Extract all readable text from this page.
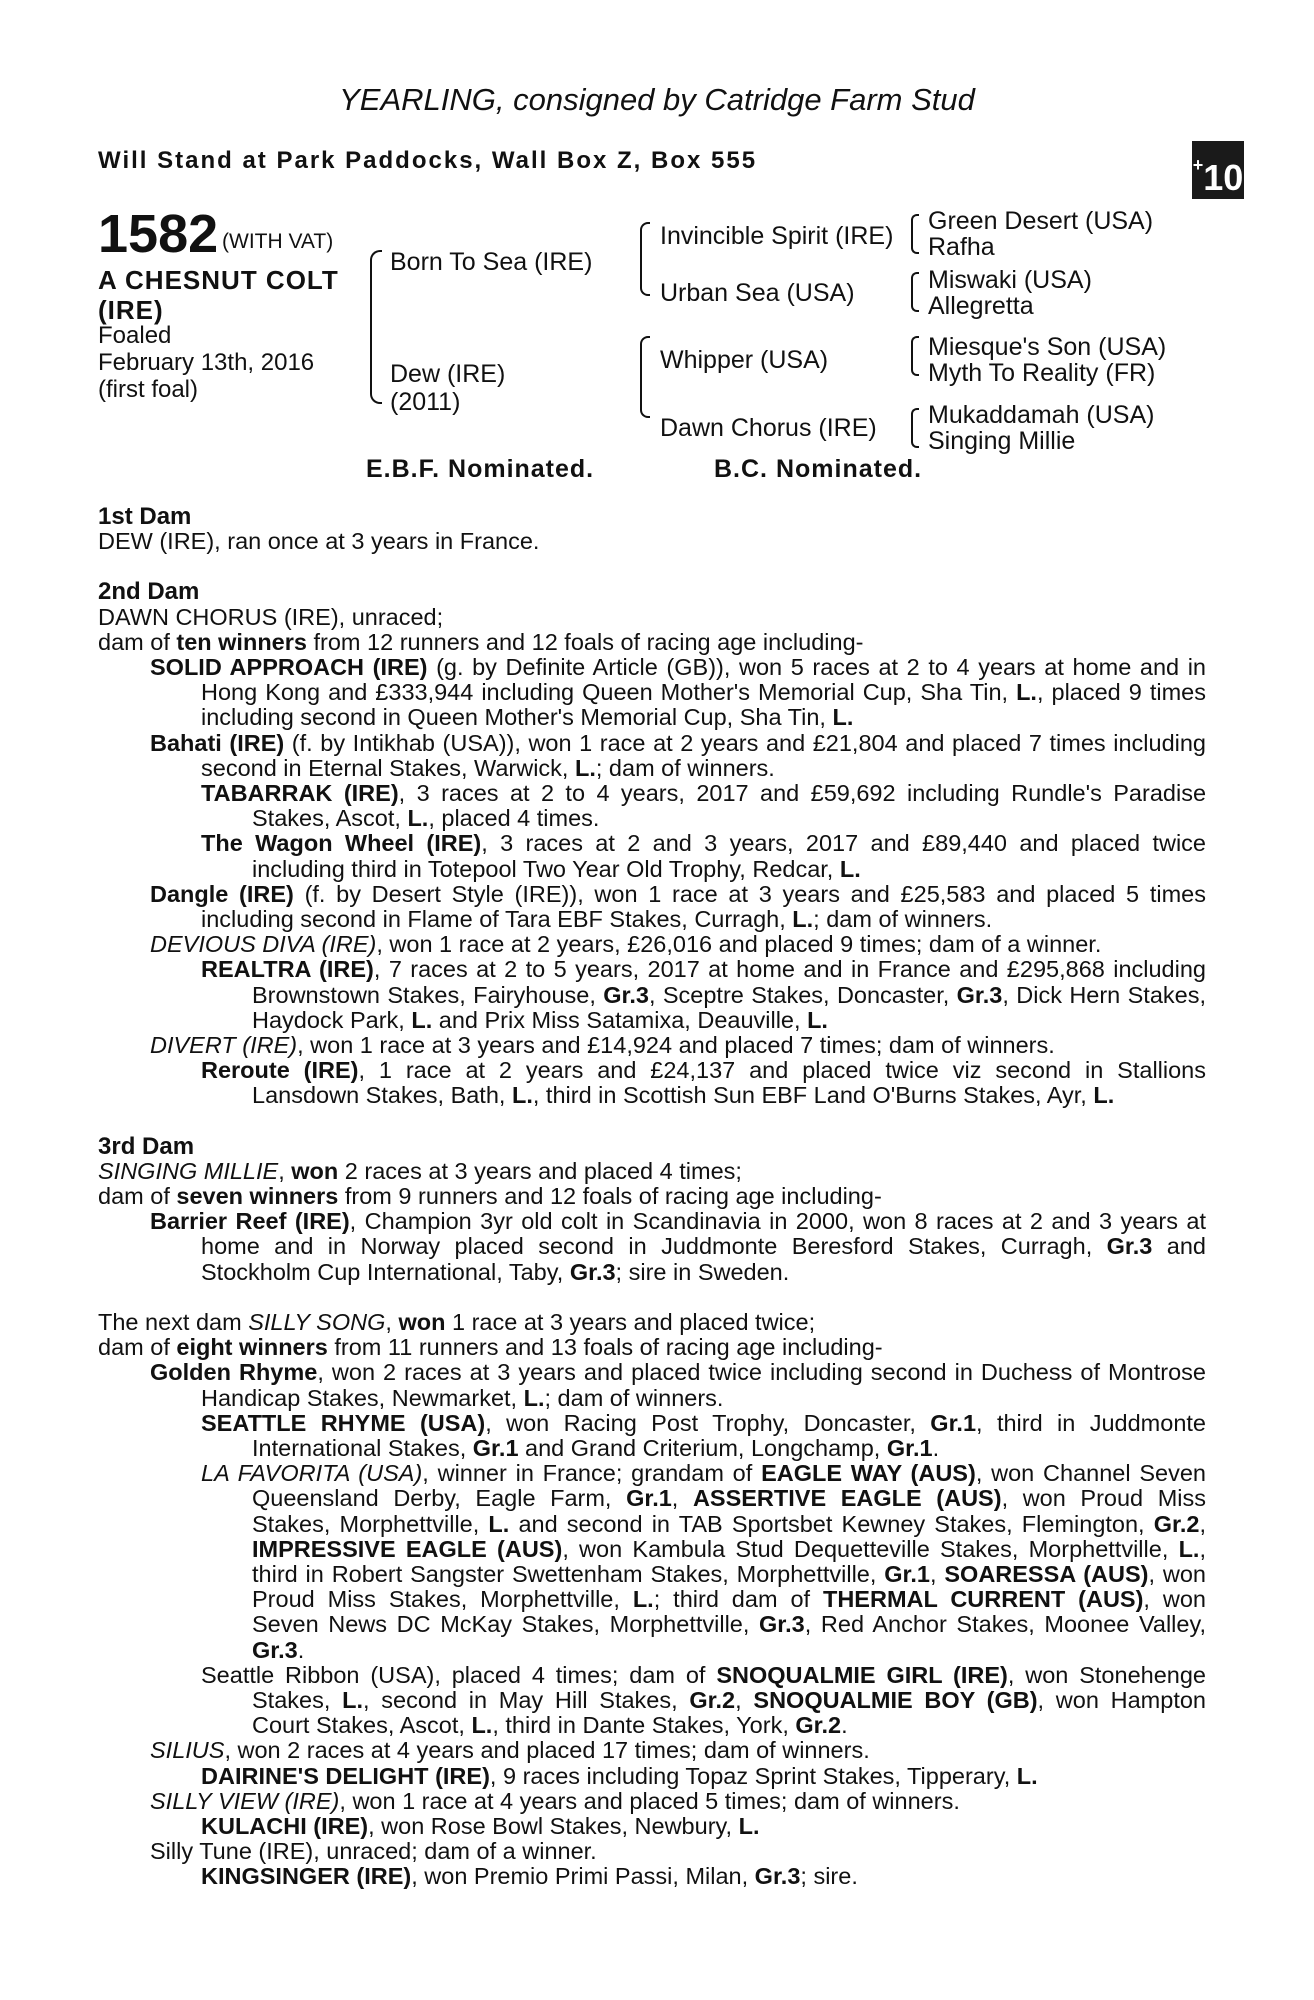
YEARLING, consigned by Catridge Farm Stud
Will Stand at Park Paddocks, Wall Box Z, Box 555	+10
1582 (WITH VAT)
A CHESNUT COLT
(IRE)
Foaled
February 13th, 2016
(first foal)
Born To Sea (IRE)
Dew (IRE)
(2011)
Invincible Spirit (IRE)
Urban Sea (USA)
Whipper (USA)
Dawn Chorus (IRE)
Green Desert (USA)
Rafha
Miswaki (USA)
Allegretta
Miesque's Son (USA)
Myth To Reality (FR)
Mukaddamah (USA)
Singing Millie
E.B.F. Nominated.	B.C. Nominated.

1st Dam

DEW (IRE), ran once at 3 years in France.

2nd Dam

DAWN CHORUS (IRE), unraced;

dam of ten winners from 12 runners and 12 foals of racing age including-

SOLID APPROACH (IRE) (g. by Definite Article (GB)), won 5 races at 2 to 4 years at home and in Hong Kong and £333,944 including Queen Mother's Memorial Cup, Sha Tin, L., placed 9 times including second in Queen Mother's Memorial Cup, Sha Tin, L.

Bahati (IRE) (f. by Intikhab (USA)), won 1 race at 2 years and £21,804 and placed 7 times including second in Eternal Stakes, Warwick, L.; dam of winners.

TABARRAK (IRE), 3 races at 2 to 4 years, 2017 and £59,692 including Rundle's Paradise Stakes, Ascot, L., placed 4 times.

The Wagon Wheel (IRE), 3 races at 2 and 3 years, 2017 and £89,440 and placed twice including third in Totepool Two Year Old Trophy, Redcar, L.

Dangle (IRE) (f. by Desert Style (IRE)), won 1 race at 3 years and £25,583 and placed 5 times including second in Flame of Tara EBF Stakes, Curragh, L.; dam of winners.

DEVIOUS DIVA (IRE), won 1 race at 2 years, £26,016 and placed 9 times; dam of a winner.

REALTRA (IRE), 7 races at 2 to 5 years, 2017 at home and in France and £295,868 including Brownstown Stakes, Fairyhouse, Gr.3, Sceptre Stakes, Doncaster, Gr.3, Dick Hern Stakes, Haydock Park, L. and Prix Miss Satamixa, Deauville, L.

DIVERT (IRE), won 1 race at 3 years and £14,924 and placed 7 times; dam of winners.

Reroute (IRE), 1 race at 2 years and £24,137 and placed twice viz second in Stallions Lansdown Stakes, Bath, L., third in Scottish Sun EBF Land O'Burns Stakes, Ayr, L.

3rd Dam

SINGING MILLIE, won 2 races at 3 years and placed 4 times;

dam of seven winners from 9 runners and 12 foals of racing age including-

Barrier Reef (IRE), Champion 3yr old colt in Scandinavia in 2000, won 8 races at 2 and 3 years at home and in Norway placed second in Juddmonte Beresford Stakes, Curragh, Gr.3 and Stockholm Cup International, Taby, Gr.3; sire in Sweden.

The next dam SILLY SONG, won 1 race at 3 years and placed twice;

dam of eight winners from 11 runners and 13 foals of racing age including-

Golden Rhyme, won 2 races at 3 years and placed twice including second in Duchess of Montrose Handicap Stakes, Newmarket, L.; dam of winners.

SEATTLE RHYME (USA), won Racing Post Trophy, Doncaster, Gr.1, third in Juddmonte International Stakes, Gr.1 and Grand Criterium, Longchamp, Gr.1.

LA FAVORITA (USA), winner in France; grandam of EAGLE WAY (AUS), won Channel Seven Queensland Derby, Eagle Farm, Gr.1, ASSERTIVE EAGLE (AUS), won Proud Miss Stakes, Morphettville, L. and second in TAB Sportsbet Kewney Stakes, Flemington, Gr.2, IMPRESSIVE EAGLE (AUS), won Kambula Stud Dequetteville Stakes, Morphettville, L., third in Robert Sangster Swettenham Stakes, Morphettville, Gr.1, SOARESSA (AUS), won Proud Miss Stakes, Morphettville, L.; third dam of THERMAL CURRENT (AUS), won Seven News DC McKay Stakes, Morphettville, Gr.3, Red Anchor Stakes, Moonee Valley, Gr.3.

Seattle Ribbon (USA), placed 4 times; dam of SNOQUALMIE GIRL (IRE), won Stonehenge Stakes, L., second in May Hill Stakes, Gr.2, SNOQUALMIE BOY (GB), won Hampton Court Stakes, Ascot, L., third in Dante Stakes, York, Gr.2.

SILIUS, won 2 races at 4 years and placed 17 times; dam of winners.

DAIRINE'S DELIGHT (IRE), 9 races including Topaz Sprint Stakes, Tipperary, L.

SILLY VIEW (IRE), won 1 race at 4 years and placed 5 times; dam of winners.

KULACHI (IRE), won Rose Bowl Stakes, Newbury, L.

Silly Tune (IRE), unraced; dam of a winner.

KINGSINGER (IRE), won Premio Primi Passi, Milan, Gr.3; sire.
